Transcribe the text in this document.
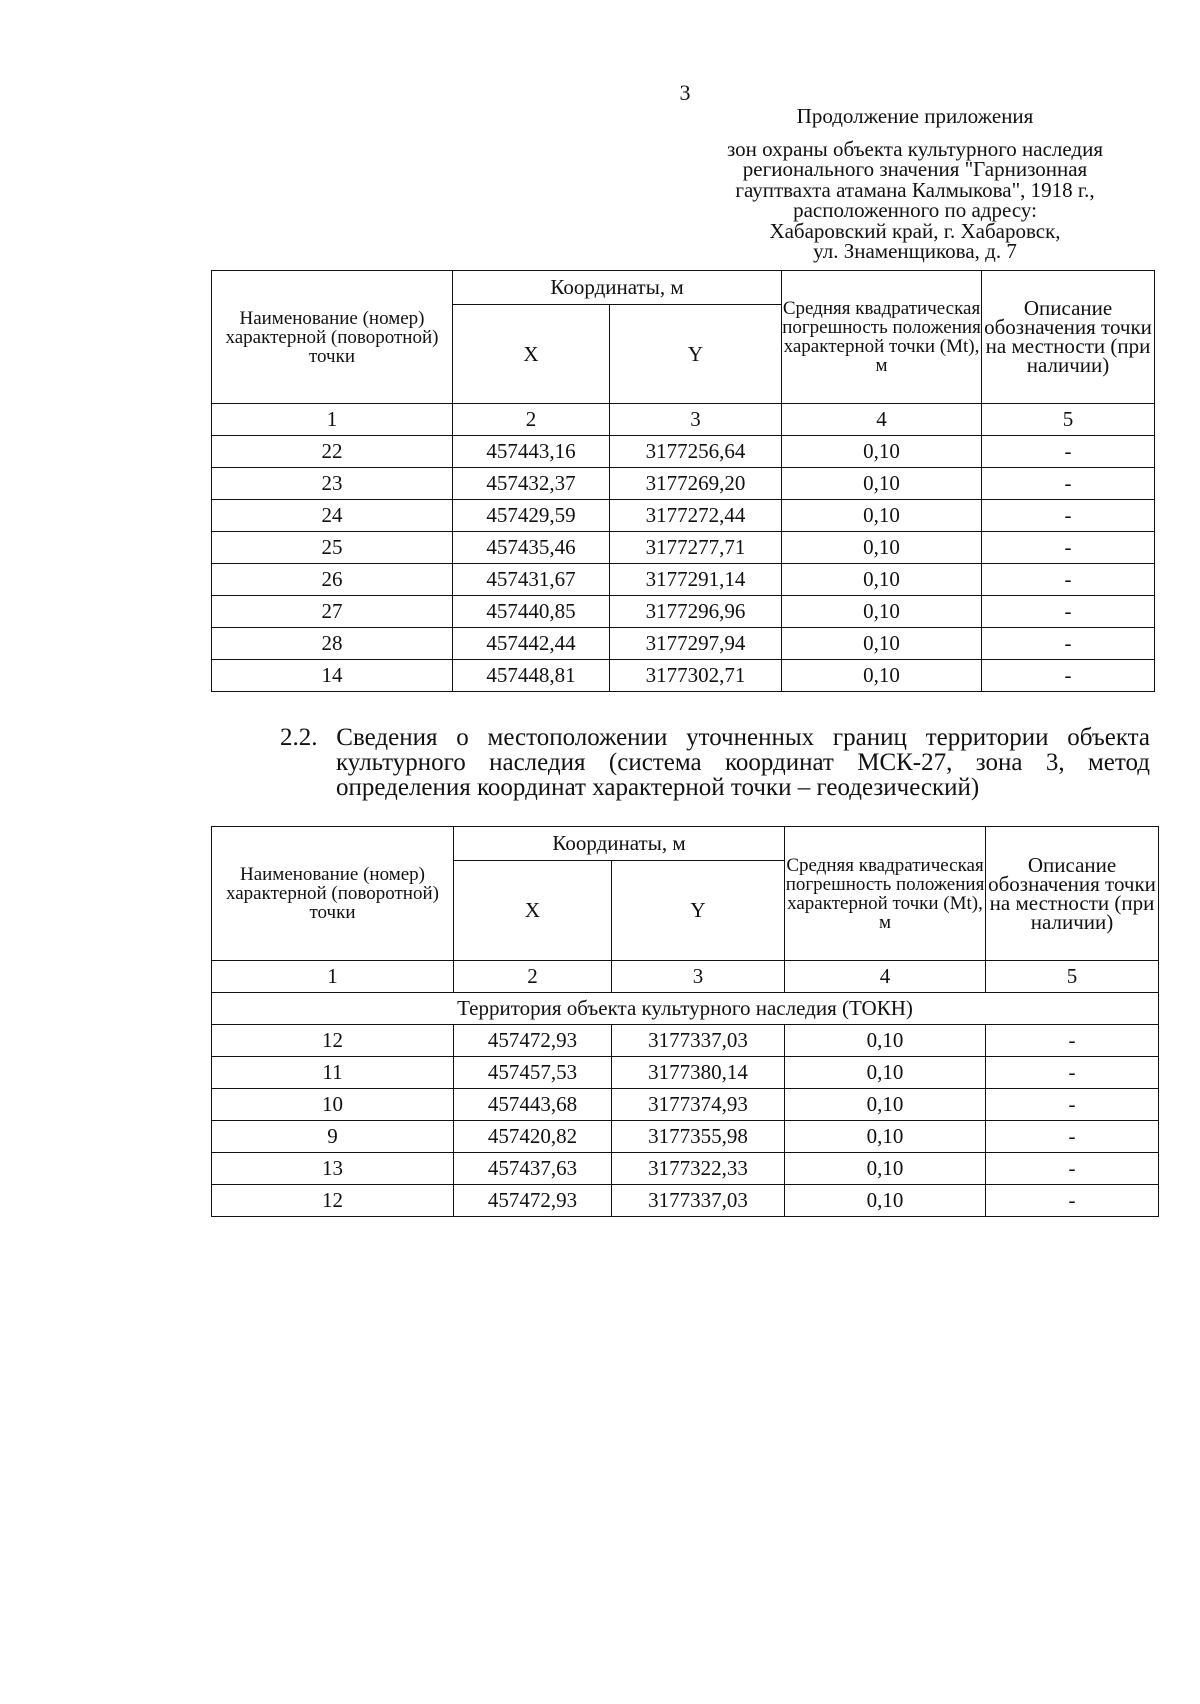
3
Продолжение приложения
зон охраны объекта культурного наследия
регионального значения "Гарнизонная
гауптвахта атамана Калмыкова", 1918 г.,
расположенного по адресу:
Хабаровский край, г. Хабаровск,
ул. Знаменщикова, д. 7
Наименование (номер) характерной (поворотной) точки	Координаты, м		Средняя квадратическая погрешность положения характерной точки (Mt), м	Описание обозначения точки на местности (при наличии)
	X	Y		
1	2	3	4	5
22	457443,16	3177256,64	0,10	-
23	457432,37	3177269,20	0,10	-
24	457429,59	3177272,44	0,10	-
25	457435,46	3177277,71	0,10	-
26	457431,67	3177291,14	0,10	-
27	457440,85	3177296,96	0,10	-
28	457442,44	3177297,94	0,10	-
14	457448,81	3177302,71	0,10	-
2.2. Сведения о местоположении уточненных границ территории объекта
культурного наследия (система координат МСК-27, зона 3, метод
определения координат характерной точки – геодезический)
Наименование (номер) характерной (поворотной) точки	Координаты, м		Средняя квадратическая погрешность положения характерной точки (Mt), м	Описание обозначения точки на местности (при наличии)
	X	Y		
1	2	3	4	5
Территория объекта культурного наследия (ТОКН)				
12	457472,93	3177337,03	0,10	-
11	457457,53	3177380,14	0,10	-
10	457443,68	3177374,93	0,10	-
9	457420,82	3177355,98	0,10	-
13	457437,63	3177322,33	0,10	-
12	457472,93	3177337,03	0,10	-
